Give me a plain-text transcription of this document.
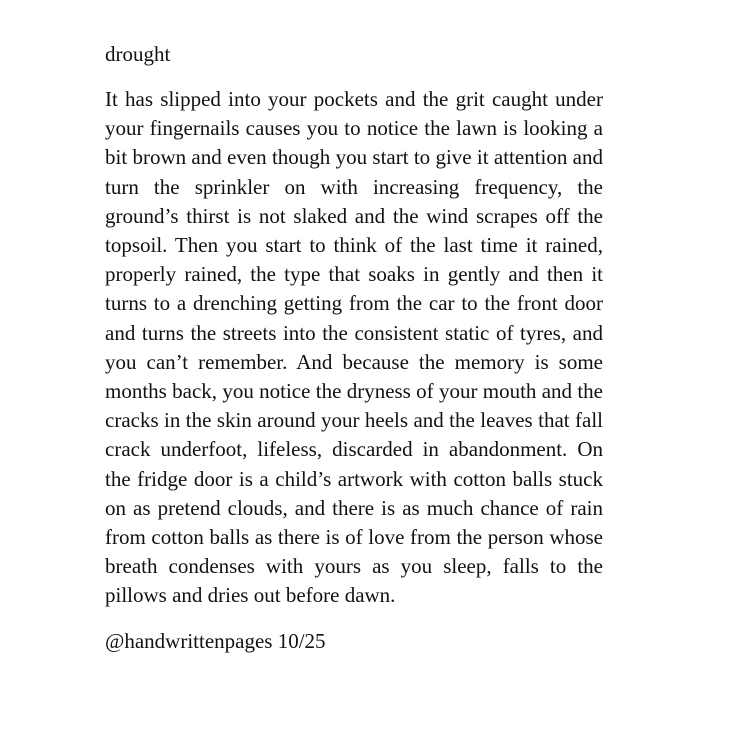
drought

It has slipped into your pockets and the grit caught under your fingernails causes you to notice the lawn is looking a bit brown and even though you start to give it attention and turn the sprinkler on with increasing frequency, the ground’s thirst is not slaked and the wind scrapes off the topsoil. Then you start to think of the last time it rained, properly rained, the type that soaks in gently and then it turns to a drenching getting from the car to the front door and turns the streets into the consistent static of tyres, and you can’t remember. And because the memory is some months back, you notice the dryness of your mouth and the cracks in the skin around your heels and the leaves that fall crack underfoot, lifeless, discarded in abandonment. On the fridge door is a child’s artwork with cotton balls stuck on as pretend clouds, and there is as much chance of rain from cotton balls as there is of love from the person whose breath condenses with yours as you sleep, falls to the pillows and dries out before dawn.

@handwrittenpages 10/25
